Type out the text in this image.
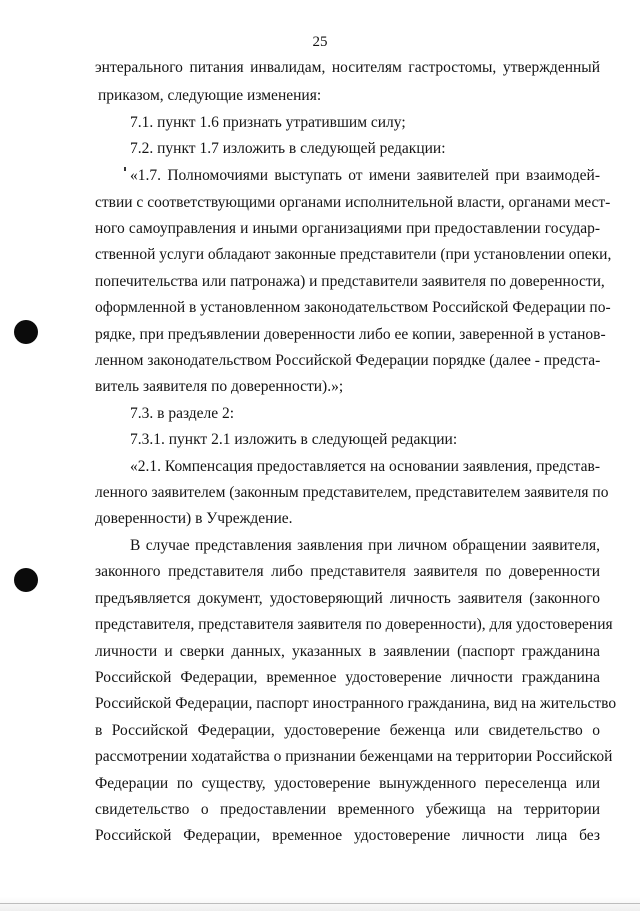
25
энтерального питания инвалидам, носителям гастростомы, утвержденный
приказом, следующие изменения:
7.1. пункт 1.6 признать утратившим силу;
7.2. пункт 1.7 изложить в следующей редакции:
«1.7. Полномочиями выступать от имени заявителей при взаимодей-
ствии с соответствующими органами исполнительной власти, органами мест-
ного самоуправления и иными организациями при предоставлении государ-
ственной услуги обладают законные представители (при установлении опеки,
попечительства или патронажа) и представители заявителя по доверенности,
оформленной в установленном законодательством Российской Федерации по-
рядке, при предъявлении доверенности либо ее копии, заверенной в установ-
ленном законодательством Российской Федерации порядке (далее - предста-
витель заявителя по доверенности).»;
7.3. в разделе 2:
7.3.1. пункт 2.1 изложить в следующей редакции:
«2.1. Компенсация предоставляется на основании заявления, представ-
ленного заявителем (законным представителем, представителем заявителя по
доверенности) в Учреждение.
В случае представления заявления при личном обращении заявителя,
законного представителя либо представителя заявителя по доверенности
предъявляется документ, удостоверяющий личность заявителя (законного
представителя, представителя заявителя по доверенности), для удостоверения
личности и сверки данных, указанных в заявлении (паспорт гражданина
Российской Федерации, временное удостоверение личности гражданина
Российской Федерации, паспорт иностранного гражданина, вид на жительство
в Российской Федерации, удостоверение беженца или свидетельство о
рассмотрении ходатайства о признании беженцами на территории Российской
Федерации по существу, удостоверение вынужденного переселенца или
свидетельство о предоставлении временного убежища на территории
Российской Федерации, временное удостоверение личности лица без
